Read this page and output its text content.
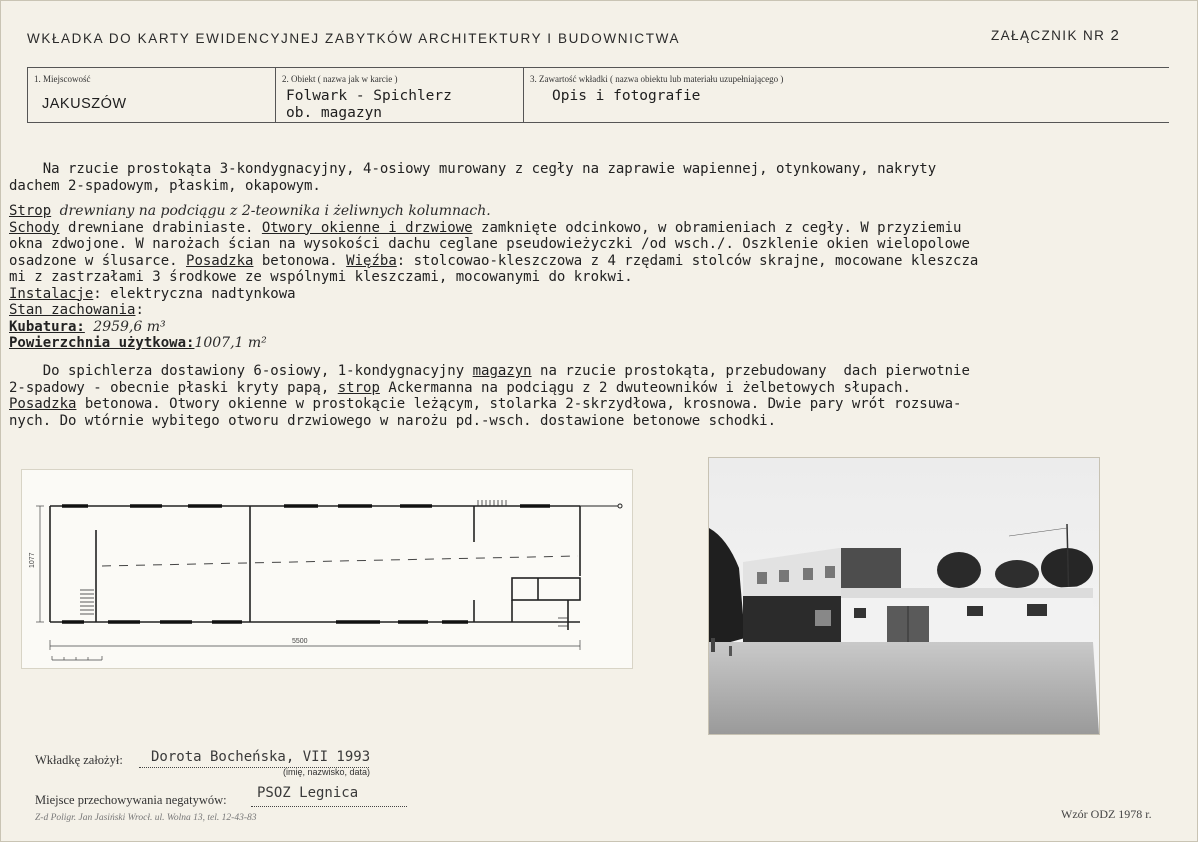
WKŁADKA DO KARTY EWIDENCYJNEJ ZABYTKÓW ARCHITEKTURY I BUDOWNICTWA	ZAŁĄCZNIK NR 2
1. Miejscowość
JAKUSZÓW
2. Obiekt ( nazwa jak w karcie )
Folwark - Spichlerz
ob. magazyn
3. Zawartość wkładki ( nazwa obiektu lub materiału uzupełniającego )
Opis i fotografie
Na rzucie prostokąta 3-kondygnacyjny, 4-osiowy murowany z cegły na zaprawie wapiennej, otynkowany, nakryty
dachem 2-spadowym, płaskim, okapowym.
Strop drewniany na podciągu z 2-teownika i żeliwnych kolumnach.
Schody drewniane drabiniaste. Otwory okienne i drzwiowe zamknięte odcinkowo, w obramieniach z cegły. W przyziemiu
okna zdwojone. W narożach ścian na wysokości dachu ceglane pseudowieżyczki /od wsch./. Oszklenie okien wielopolowe
osadzone w ślusarce. Posadzka betonowa. Więźba: stolcowao-kleszczowa z 4 rzędami stolców skrajne, mocowane kleszcza
mi z zastrzałami 3 środkowe ze wspólnymi kleszczami, mocowanymi do krokwi.
Instalacje: elektryczna nadtynkowa
Stan zachowania:
Kubatura: 2959,6 m³
Powierzchnia użytkowa:1007,1 m²
Do spichlerza dostawiony 6-osiowy, 1-kondygnacyjny magazyn na rzucie prostokąta, przebudowany  dach pierwotnie
2-spadowy - obecnie płaski kryty papą, strop Ackermanna na podciągu z 2 dwuteowników i żelbetowych słupach.
Posadzka betonowa. Otwory okienne w prostokącie leżącym, stolarka 2-skrzydłowa, krosnowa. Dwie pary wrót rozsuwa-
nych. Do wtórnie wybitego otworu drzwiowego w narożu pd.-wsch. dostawione betonowe schodki.
5500
1077
Wkładkę założył: Dorota Bocheńska, VII 1993
(imię, nazwisko, data)
Miejsce przechowywania negatywów: PSOZ Legnica
Z-d Poligr. Jan Jasiński Wrocł. ul. Wolna 13, tel. 12-43-83	Wzór ODZ 1978 r.
